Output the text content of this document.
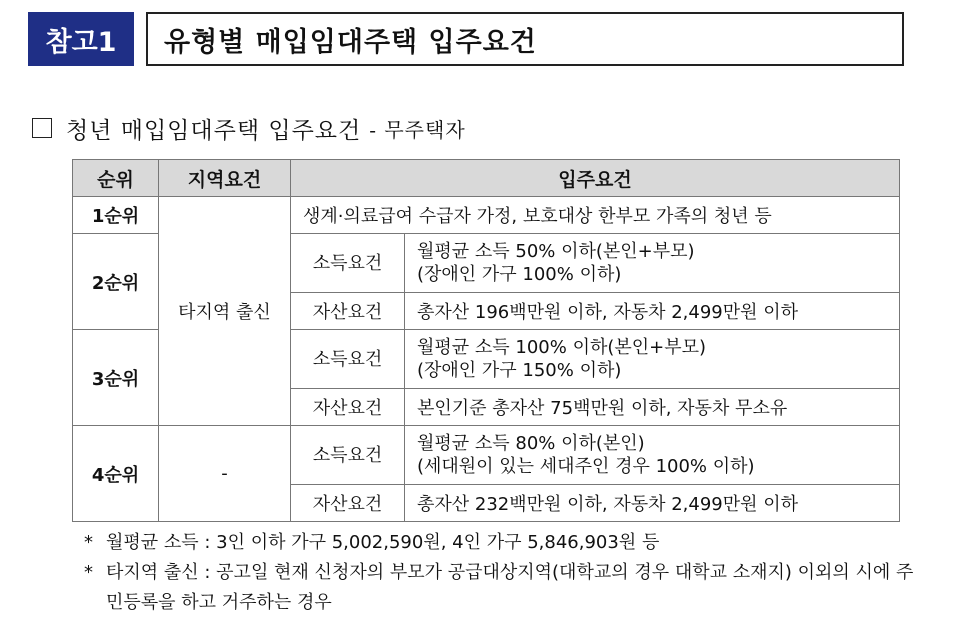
참고1	유형별 매입임대주택 입주요건
청년 매입임대주택 입주요건 - 무주택자
순위	지역요건	입주요건	
1순위	타지역 출신	생계·의료급여 수급자 가정, 보호대상 한부모 가족의 청년 등	
2순위		소득요건	월평균 소득 50% 이하(본인+부모)
(장애인 가구 100% 이하)

		자산요건	총자산 196백만원 이하, 자동차 2,499만원 이하
3순위		소득요건	월평균 소득 100% 이하(본인+부모)
(장애인 가구 150% 이하)

		자산요건	본인기준 총자산 75백만원 이하, 자동차 무소유
4순위	-	소득요건	월평균 소득 80% 이하(본인)
(세대원이 있는 세대주인 경우 100% 이하)

		자산요건	총자산 232백만원 이하, 자동차 2,499만원 이하
* 월평균 소득 : 3인 이하 가구 5,002,590원, 4인 가구 5,846,903원 등
* 타지역 출신 : 공고일 현재 신청자의 부모가 공급대상지역(대학교의 경우 대학교 소재지) 이외의 시에 주민등록을 하고 거주하는 경우
